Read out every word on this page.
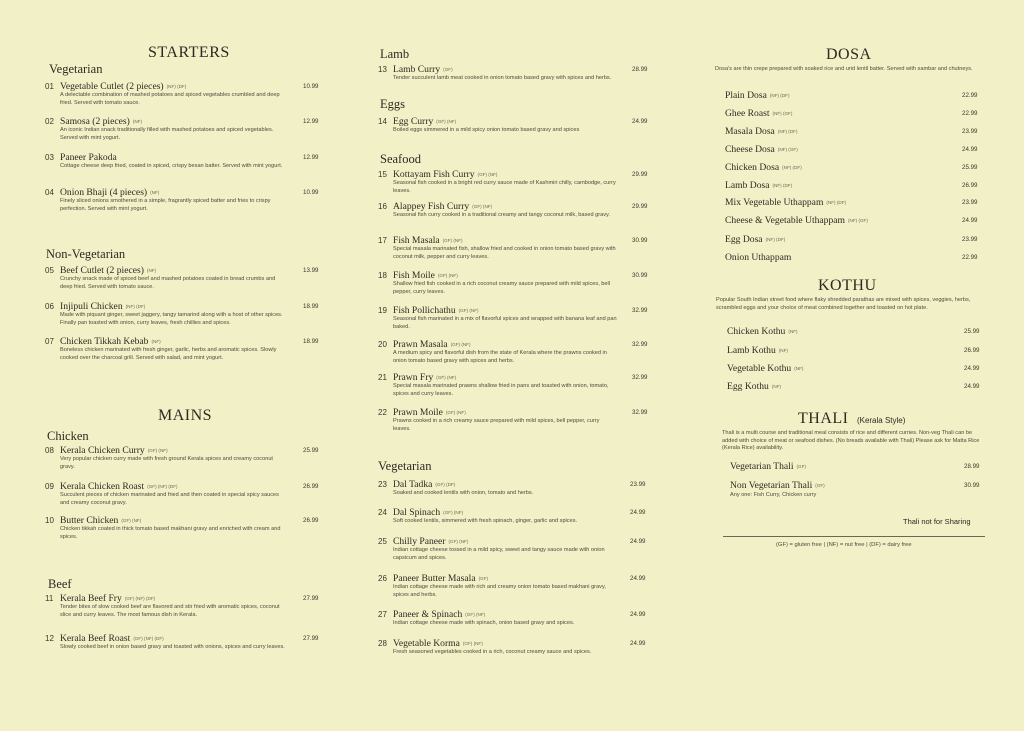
STARTERS
Vegetarian
01 Vegetable Cutlet (2 pieces) (NF) (DF)	10.99
A delectable combination of mashed potatoes and spiced vegetables crumbled and deep fried. Served with tomato sauce.
02 Samosa (2 pieces) (NF)	12.99
An iconic Indian snack traditionally filled with mashed potatoes and spiced vegetables. Served with mint yogurt.
03 Paneer Pakoda	12.99
Cottage cheese deep fried, coated in spiced, crispy besan batter. Served with mint yogurt.
04 Onion Bhaji (4 pieces) (NF)	10.99
Finely sliced onions smothered in a simple, fragrantly spiced batter and fries to crispy perfection. Served with mint yogurt.
Non-Vegetarian
05 Beef Cutlet (2 pieces) (NF)	13.99
Crunchy snack made of spiced beef and mashed potatoes coated in bread crumbs and deep fried. Served with tomato sauce.
06 Injipuli Chicken (NF) (DF)	18.99
Made with piquant ginger, sweet jaggery, tangy tamarind along with a host of other spices. Finally pan toasted with onion, curry leaves, fresh chillies and spices.
07 Chicken Tikkah Kebab (NF)	18.99
Boneless chicken marinated with fresh ginger, garlic, herbs and aromatic spices. Slowly cooked over the charcoal grill. Served with salad, and mint yogurt.
MAINS
Chicken
08 Kerala Chicken Curry (GF) (NF)	25.99
Very popular chicken curry made with fresh ground Kerala spices and creamy coconut gravy.
09 Kerala Chicken Roast (GF) (NF) (DF)	26.99
Succulent pieces of chicken marinated and fried and then coated in special spicy sauces and creamy coconut gravy.
10 Butter Chicken (GF) (NF)	26.99
Chicken tikkah coated in thick tomato based makhani gravy and enriched with cream and spices.
Beef
11 Kerala Beef Fry (GF) (NF) (DF)	27.99
Tender bites of slow cooked beef are flavored and stir fried with aromatic spices, coconut slice and curry leaves. The most famous dish in Kerala.
12 Kerala Beef Roast (GF) (NF) (DF)	27.99
Slowly cooked beef in onion based gravy and toasted with onions, spices and curry leaves.
Lamb
13 Lamb Curry (GF)	28.99
Tender succulent lamb meat cooked in onion tomato based gravy with spices and herbs.
Eggs
14 Egg Curry (GF) (NF)	24.99
Boiled eggs simmered in a mild spicy onion tomato based gravy and spices
Seafood
15 Kottayam Fish Curry (GF) (NF)	29.99
Seasonal fish cooked in a bright red curry sauce made of Kashmiri chilly, cambodge, curry leaves.
16 Alappey Fish Curry (GF) (NF)	29.99
Seasonal fish curry cooked in a traditional creamy and tangy coconut milk, based gravy.
17 Fish Masala (GF) (NF)	30.99
Special masala marinated fish, shallow fried and cooked in onion tomato based gravy with coconut milk, pepper and curry leaves.
18 Fish Moile (GF) (NF)	30.99
Shallow fried fish cooked in a rich coconut creamy sauce prepared with mild spices, bell pepper, curry leaves.
19 Fish Pollichathu (GF) (NF)	32.99
Seasonal fish marinated in a mix of flavorful spices and wrapped with banana leaf and pan baked.
20 Prawn Masala (GF) (NF)	32.99
A medium spicy and flavorful dish from the state of Kerala where the prawns cooked in onion tomato based gravy with spices and herbs.
21 Prawn Fry (GF) (NF)	32.99
Special masala marinated prawns shallow fried in pans and toasted with onion, tomato, spices and curry leaves.
22 Prawn Moile (GF) (NF)	32.99
Prawns cooked in a rich creamy sauce prepared with mild spices, bell pepper, curry leaves.
Vegetarian
23 Dal Tadka (GF) (DF)	23.99
Soaked and cooked lentils with onion, tomato and herbs.
24 Dal Spinach (GF) (NF)	24.99
Soft cooked lentils, simmered with fresh spinach, ginger, garlic and spices.
25 Chilly Paneer (GF) (NF)	24.99
Indian cottage cheese tossed in a mild spicy, sweet and tangy sauce made with onion capsicum and spices.
26 Paneer Butter Masala (GF)	24.99
Indian cottage cheese made with rich and creamy onion tomato based makhani gravy, spices and herbs.
27 Paneer & Spinach (GF) (NF)	24.99
Indian cottage cheese made with spinach, onion based gravy and spices.
28 Vegetable Korma (GF) (NF)	24.99
Fresh seasoned vegetables cooked in a rich, coconut creamy sauce and spices.
DOSA
Dosa's are thin crepe prepared with soaked rice and urid lentil batter. Served with sambar and chutneys.
Plain Dosa (NF) (DF)	22.99
Ghee Roast (NF) (GF)	22.99
Masala Dosa (NF) (DF)	23.99
Cheese Dosa (NF) (GF)	24.99
Chicken Dosa (NF) (DF)	25.99
Lamb Dosa (NF) (DF)	26.99
Mix Vegetable Uthappam (NF) (DF)	23.99
Cheese & Vegetable Uthappam (NF) (GF)	24.99
Egg Dosa (NF) (DF)	23.99
Onion Uthappam	22.99
KOTHU
Popular South Indian street food where flaky shredded parathas are mixed with spices, veggies, herbs, scrambled eggs and your choice of meat combined together and toasted on hot plate.
Chicken Kothu (NF)	25.99
Lamb Kothu (NF)	26.99
Vegetable Kothu (NF)	24.99
Egg Kothu (NF)	24.99
THALI (Kerala Style)
Thali is a multi course and traditional meal consists of rice and different curries. Non-veg Thali can be added with choice of meat or seafood dishes. (No breads available with Thali) Please ask for Matta Rice (Kerala Rice) availability.
Vegetarian Thali (GF)	28.99
Non Vegetarian Thali (GF)	30.99
Any one: Fish Curry, Chicken curry
Thali not for Sharing
(GF) = gluten free | (NF) = nut free | (DF) = dairy free
